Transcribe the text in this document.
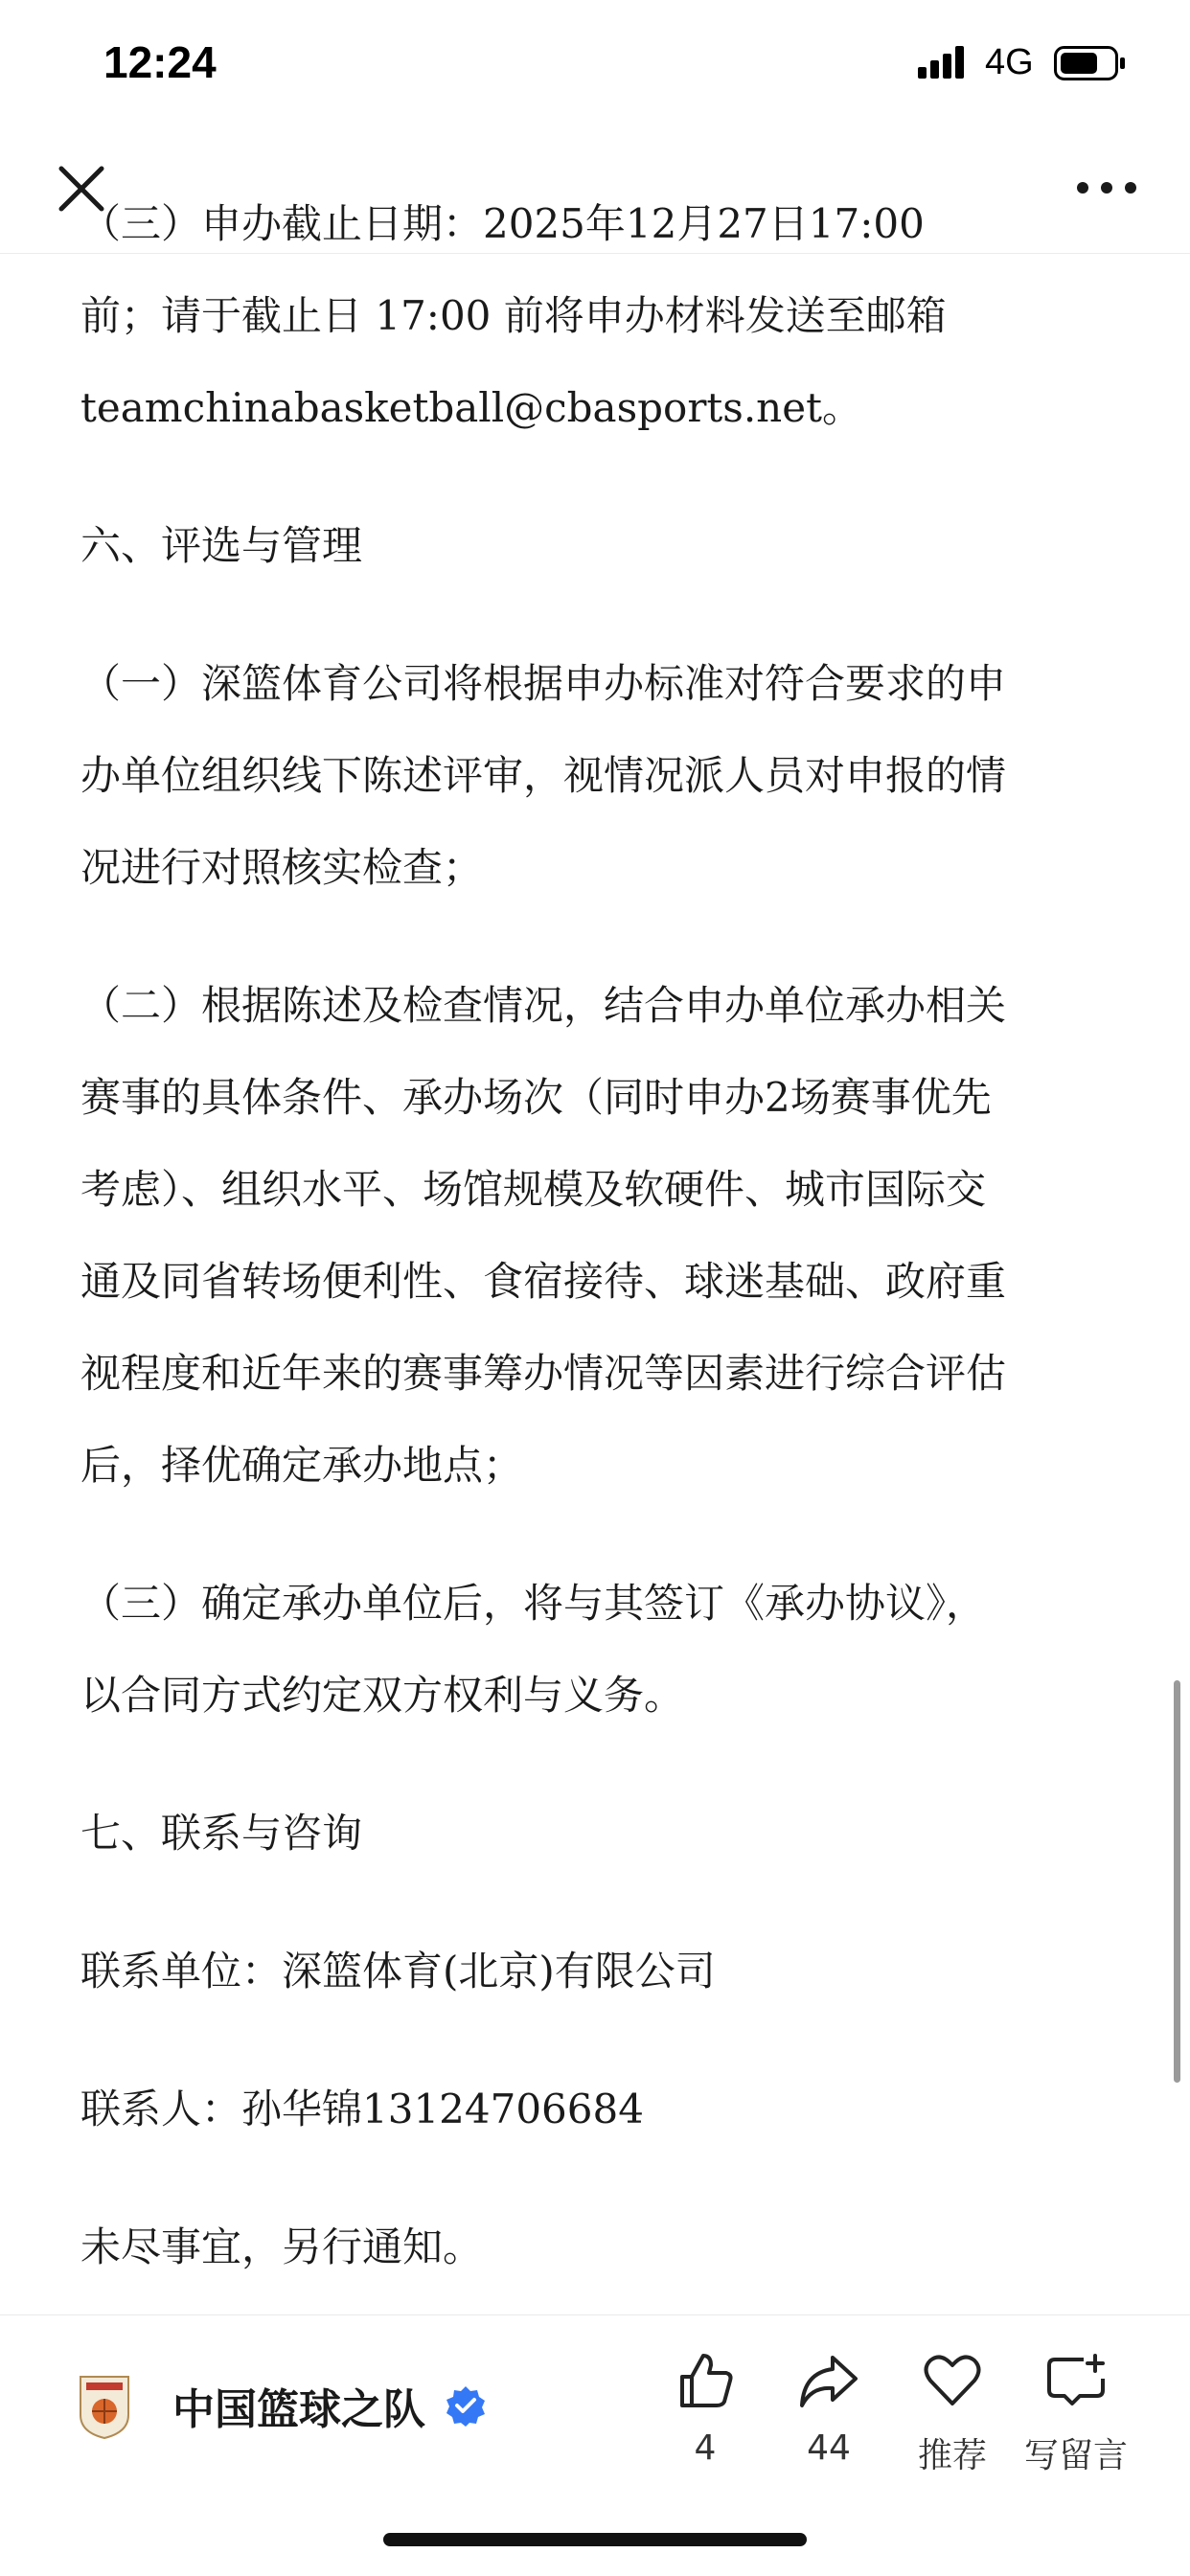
12:24	4G
（三）申办截止日期：2025年12月27日17:00
前；请于截止日 17:00 前将申办材料发送至邮箱
teamchinabasketball@cbasports.net。
六、评选与管理
（一）深篮体育公司将根据申办标准对符合要求的申
办单位组织线下陈述评审，视情况派人员对申报的情
况进行对照核实检查；
（二）根据陈述及检查情况，结合申办单位承办相关
赛事的具体条件、承办场次（同时申办2场赛事优先
考虑）、组织水平、场馆规模及软硬件、城市国际交
通及同省转场便利性、食宿接待、球迷基础、政府重
视程度和近年来的赛事筹办情况等因素进行综合评估
后，择优确定承办地点；
（三）确定承办单位后，将与其签订《承办协议》，
以合同方式约定双方权利与义务。
七、联系与咨询
联系单位：深篮体育(北京)有限公司
联系人：孙华锦13124706684
未尽事宜，另行通知。
中国篮球之队
4	44	推荐	写留言
